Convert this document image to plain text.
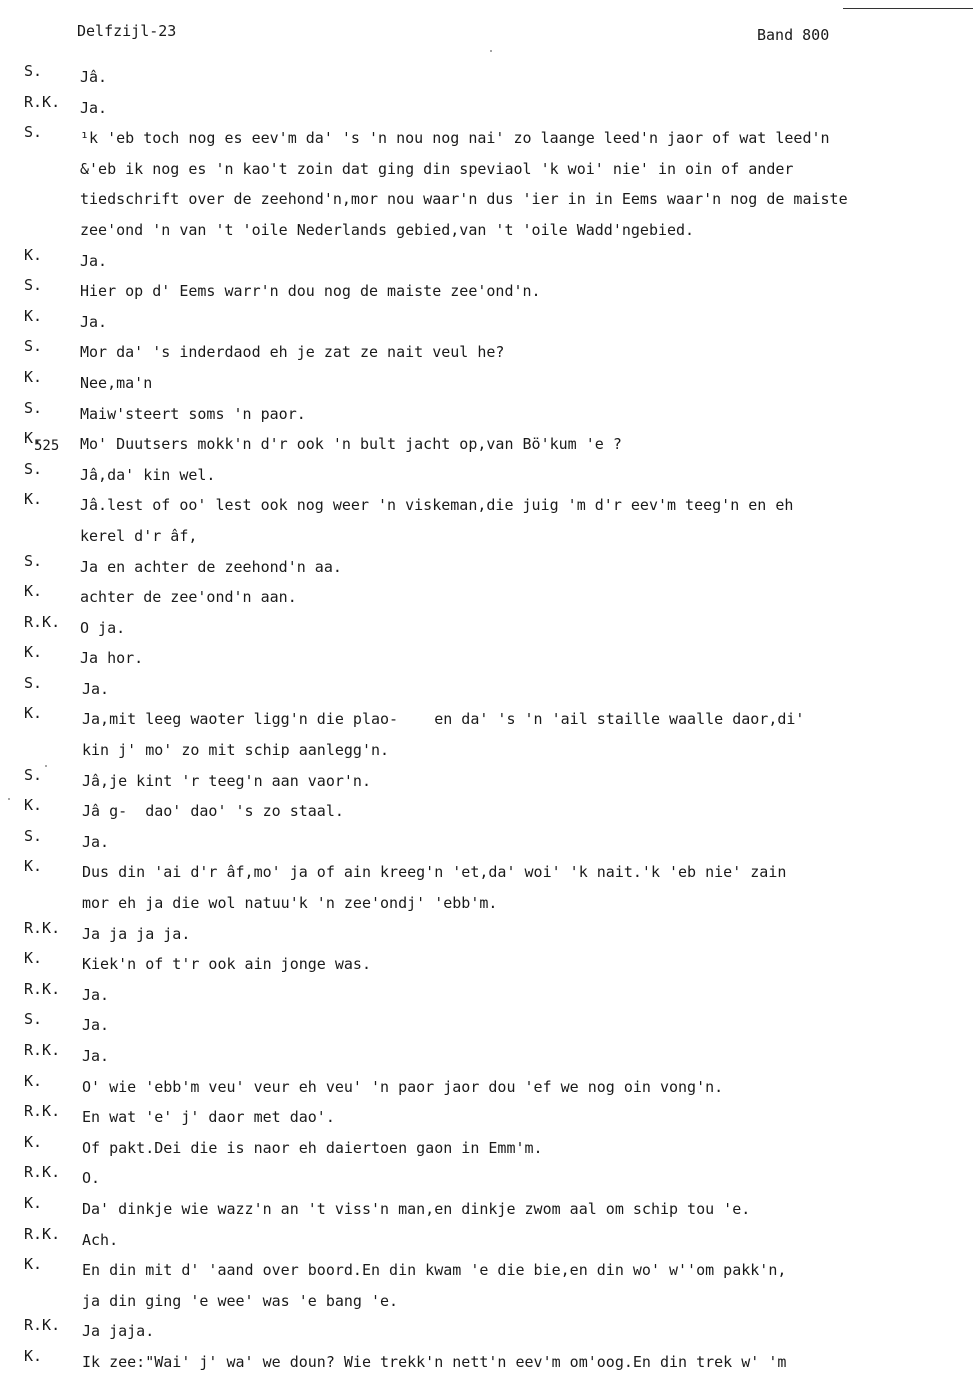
Delfzijl-23	Band 800
525
S.	Jâ.
R.K.	Ja.
S.	¹k 'eb toch nog es eev'm da' 's 'n nou nog nai' zo laange leed'n jaor of wat leed'n
&'eb ik nog es 'n kao't zoin dat ging din speviaol 'k woi' nie' in oin of ander
tiedschrift over de zeehond'n,mor nou waar'n dus 'ier in in Eems waar'n nog de maiste
zee'ond 'n van 't 'oile Nederlands gebied,van 't 'oile Wadd'ngebied.
K.	Ja.
S.	Hier op d' Eems warr'n dou nog de maiste zee'ond'n.
K.	Ja.
S.	Mor da' 's inderdaod eh je zat ze nait veul he?
K.	Nee,ma'n
S.	Maiw'steert soms 'n paor.
K.	Mo' Duutsers mokk'n d'r ook 'n bult jacht op,van Bö'kum 'e ?
S.	Jâ,da' kin wel.
K.	Jâ.lest of oo' lest ook nog weer 'n viskeman,die juig 'm d'r eev'm teeg'n en eh
kerel d'r âf,
S.	Ja en achter de zeehond'n aa.
K.	achter de zee'ond'n aan.
R.K.	O ja.
K.	Ja hor.
S.	Ja.
K.	Ja,mit leeg waoter ligg'n die plao-    en da' 's 'n 'ail staille waalle daor,di'
kin j' mo' zo mit schip aanlegg'n.
S.	Jâ,je kint 'r teeg'n aan vaor'n.
K.	Jâ g-  dao' dao' 's zo staal.
S.	Ja.
K.	Dus din 'ai d'r âf,mo' ja of ain kreeg'n 'et,da' woi' 'k nait.'k 'eb nie' zain
mor eh ja die wol natuu'k 'n zee'ondj' 'ebb'm.
R.K.	Ja ja ja ja.
K.	Kiek'n of t'r ook ain jonge was.
R.K.	Ja.
S.	Ja.
R.K.	Ja.
K.	O' wie 'ebb'm veu' veur eh veu' 'n paor jaor dou 'ef we nog oin vong'n.
R.K.	En wat 'e' j' daor met dao'.
K.	Of pakt.Dei die is naor eh daiertoen gaon in Emm'm.
R.K.	O.
K.	Da' dinkje wie wazz'n an 't viss'n man,en dinkje zwom aal om schip tou 'e.
R.K.	Ach.
K.	En din mit d' 'aand over boord.En din kwam 'e die bie,en din wo' w''om pakk'n,
ja din ging 'e wee' was 'e bang 'e.
R.K.	Ja jaja.
K.	Ik zee:"Wai' j' wa' we doun? Wie trekk'n nett'n eev'm om'oog.En din trek w' 'm
